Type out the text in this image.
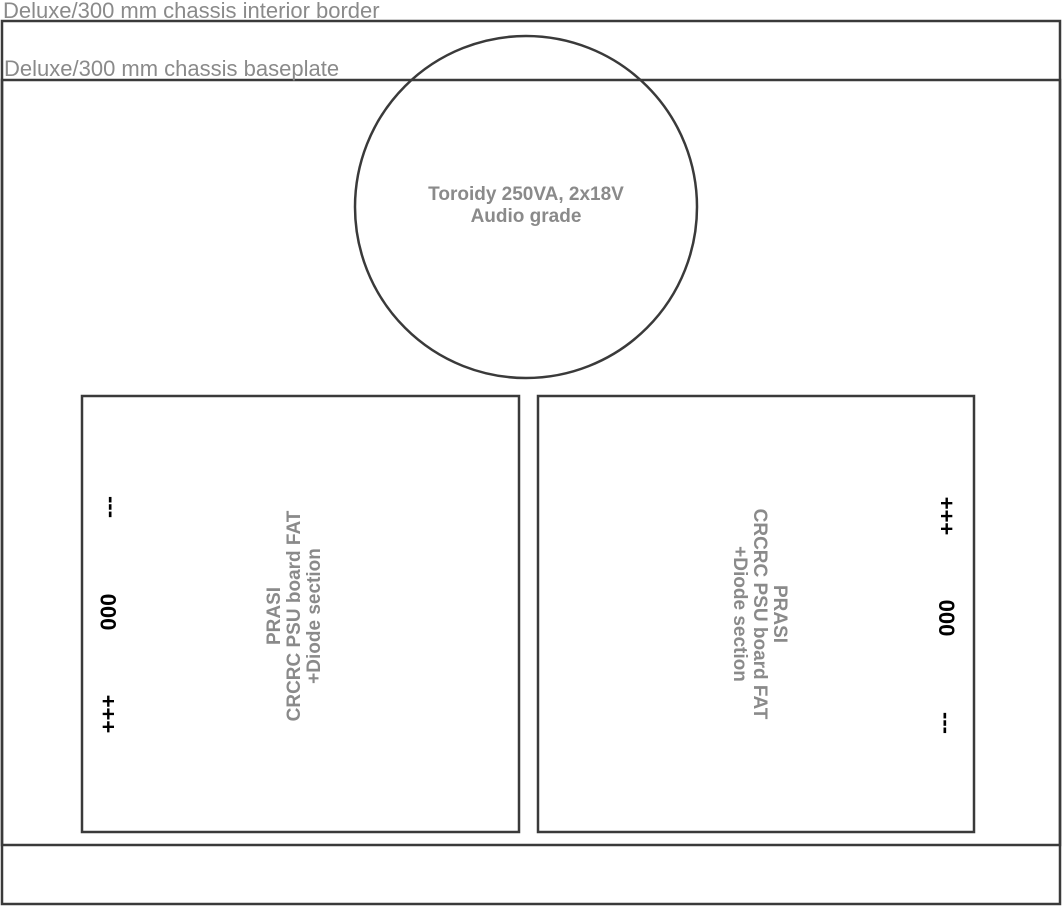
Deluxe/300 mm chassis interior border
Deluxe/300 mm chassis baseplate
Toroidy 250VA, 2x18V
Audio grade
PRASI CRCRC PSU board FAT +Diode section
---
000
+++
PRASI
CRCRC PSU board FAT
+Diode section
+++
000
---
